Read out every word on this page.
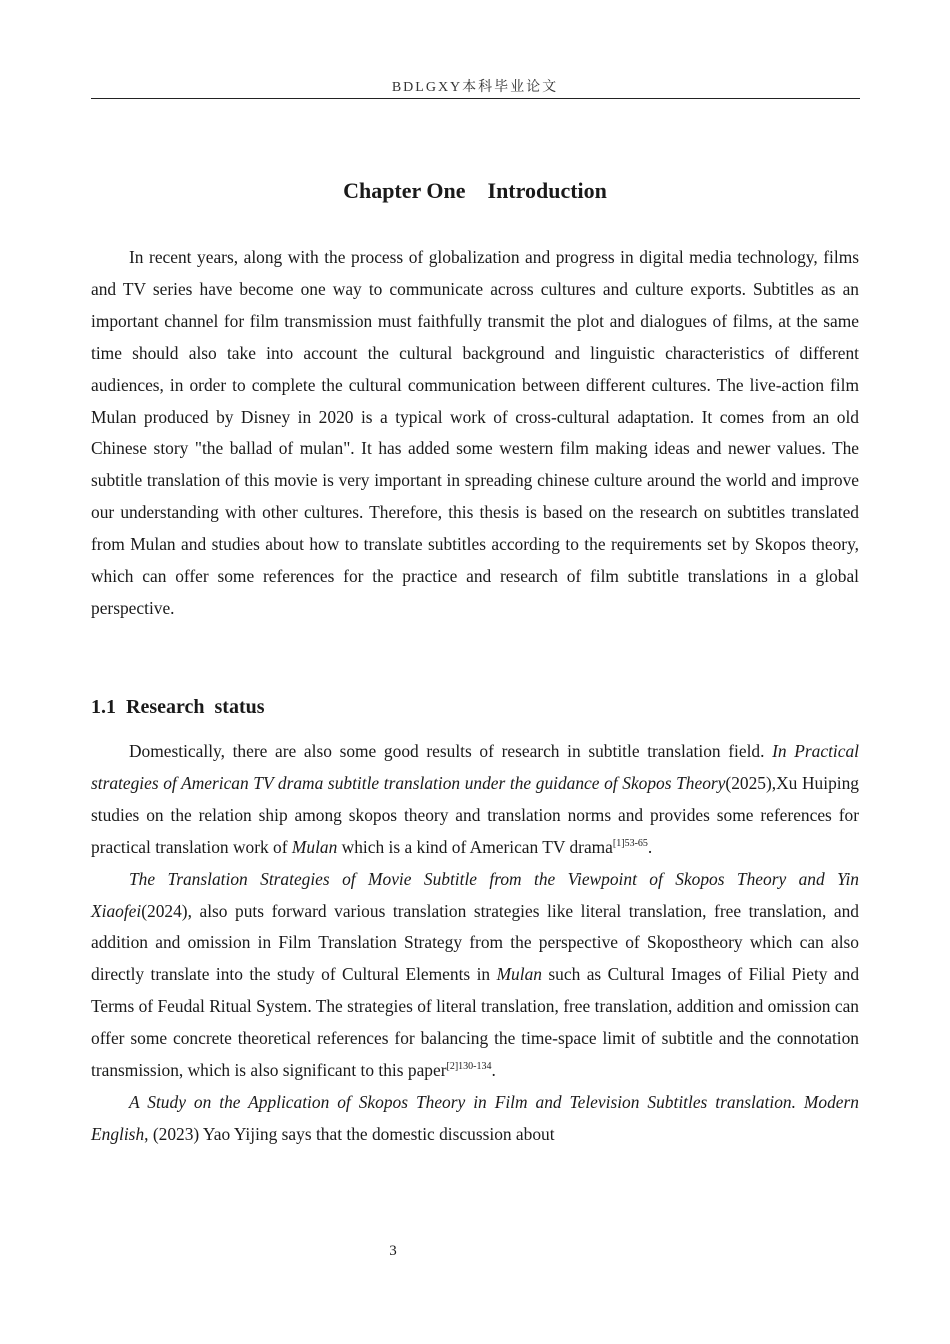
BDLGXY本科毕业论文
Chapter One    Introduction

In recent years, along with the process of globalization and progress in digital media technology, films and TV series have become one way to communicate across cultures and culture exports. Subtitles as an important channel for film transmission must faithfully transmit the plot and dialogues of films, at the same time should also take into account the cultural background and linguistic characteristics of different audiences, in order to complete the cultural communication between different cultures. The live-action film Mulan produced by Disney in 2020 is a typical work of cross-cultural adaptation. It comes from an old Chinese story "the ballad of mulan". It has added some western film making ideas and newer values. The subtitle translation of this movie is very important in spreading chinese culture around the world and improve our understanding with other cultures. Therefore, this thesis is based on the research on subtitles translated from Mulan and studies about how to translate subtitles according to the requirements set by Skopos theory, which can offer some references for the practice and research of film subtitle translations in a global perspective.

1.1  Research  status

Domestically, there are also some good results of research in subtitle translation field. In Practical strategies of American TV drama subtitle translation under the guidance of Skopos Theory(2025),Xu Huiping studies on the relation ship among skopos theory and translation norms and provides some references for practical translation work of Mulan which is a kind of American TV drama$^{[1]53-65}$.

The Translation Strategies of Movie Subtitle from the Viewpoint of Skopos Theory and Yin Xiaofei(2024), also puts forward various translation strategies like literal translation, free translation, and addition and omission in Film Translation Strategy from the perspective of Skopostheory which can also directly translate into the study of Cultural Elements in Mulan such as Cultural Images of Filial Piety and Terms of Feudal Ritual System. The strategies of literal translation, free translation, addition and omission can offer some concrete theoretical references for balancing the time-space limit of subtitle and the connotation transmission, which is also significant to this paper$^{[2]130-134}$.

A Study on the Application of Skopos Theory in Film and Television Subtitles translation. Modern English, (2023) Yao Yijing says that the domestic discussion about

3
